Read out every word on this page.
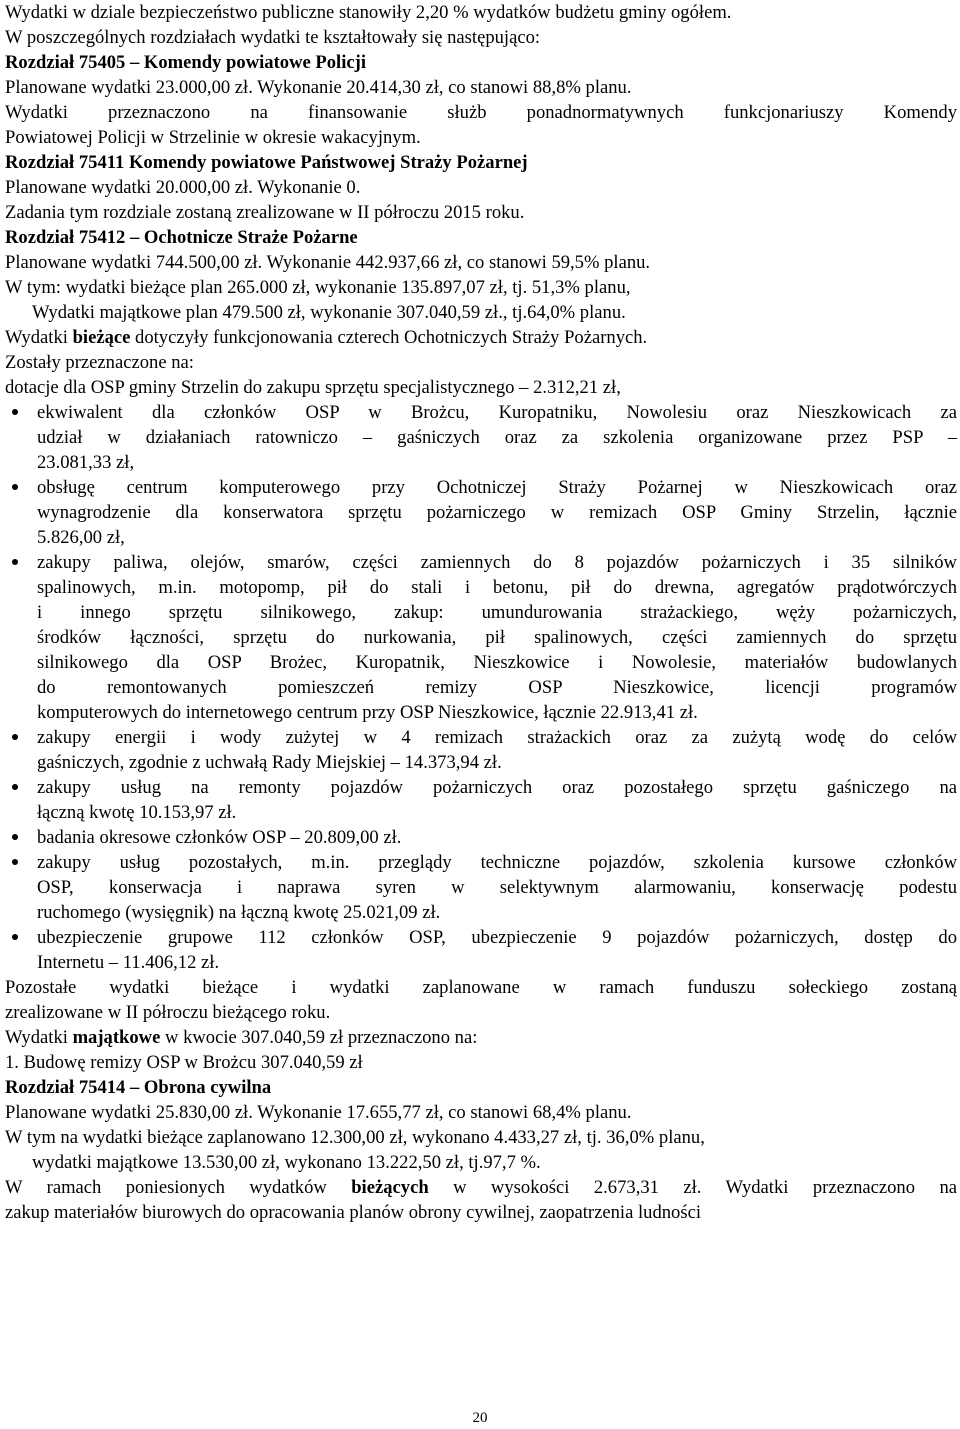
Wydatki w dziale bezpieczeństwo publiczne stanowiły 2,20 % wydatków budżetu gminy ogółem.
W poszczególnych rozdziałach wydatki te kształtowały się następująco:
Rozdział 75405 – Komendy powiatowe Policji
Planowane wydatki 23.000,00 zł. Wykonanie 20.414,30 zł, co stanowi 88,8% planu.
Wydatki przeznaczono na finansowanie służb ponadnormatywnych funkcjonariuszy Komendy
Powiatowej Policji w Strzelinie w okresie wakacyjnym.
Rozdział 75411 Komendy powiatowe Państwowej Straży Pożarnej
Planowane wydatki 20.000,00 zł. Wykonanie 0.
Zadania tym rozdziale zostaną zrealizowane w II półroczu 2015 roku.
Rozdział 75412 – Ochotnicze Straże Pożarne
Planowane wydatki 744.500,00 zł. Wykonanie 442.937,66 zł, co stanowi 59,5% planu.
W tym: wydatki bieżące plan 265.000 zł, wykonanie 135.897,07 zł, tj. 51,3% planu,
Wydatki majątkowe plan 479.500 zł, wykonanie 307.040,59 zł., tj.64,0% planu.
Wydatki bieżące dotyczyły funkcjonowania czterech Ochotniczych Straży Pożarnych.
Zostały przeznaczone na:
dotacje dla OSP gminy Strzelin do zakupu sprzętu specjalistycznego – 2.312,21 zł,
ekwiwalent dla członków OSP w Brożcu, Kuropatniku, Nowolesiu oraz Nieszkowicach za
udział w działaniach ratowniczo – gaśniczych oraz za szkolenia organizowane przez PSP –
23.081,33 zł,
obsługę centrum komputerowego przy Ochotniczej Straży Pożarnej w Nieszkowicach oraz
wynagrodzenie dla konserwatora sprzętu pożarniczego w remizach OSP Gminy Strzelin, łącznie
5.826,00 zł,
zakupy paliwa, olejów, smarów, części zamiennych do 8 pojazdów pożarniczych i 35 silników
spalinowych, m.in. motopomp, pił do stali i betonu, pił do drewna, agregatów prądotwórczych
i innego sprzętu silnikowego, zakup: umundurowania strażackiego, węży pożarniczych,
środków łączności, sprzętu do nurkowania, pił spalinowych, części zamiennych do sprzętu
silnikowego dla OSP Brożec, Kuropatnik, Nieszkowice i Nowolesie, materiałów budowlanych
do remontowanych pomieszczeń remizy OSP Nieszkowice, licencji programów
komputerowych do internetowego centrum przy OSP Nieszkowice, łącznie 22.913,41 zł.
zakupy energii i wody zużytej w 4 remizach strażackich oraz za zużytą wodę do celów
gaśniczych, zgodnie z uchwałą Rady Miejskiej – 14.373,94 zł.
zakupy usług na remonty pojazdów pożarniczych oraz pozostałego sprzętu gaśniczego na
łączną kwotę 10.153,97 zł.
badania okresowe członków OSP – 20.809,00 zł.
zakupy usług pozostałych, m.in. przeglądy techniczne pojazdów, szkolenia kursowe członków
OSP, konserwacja i naprawa syren w selektywnym alarmowaniu, konserwację podestu
ruchomego (wysięgnik) na łączną kwotę 25.021,09 zł.
ubezpieczenie grupowe 112 członków OSP, ubezpieczenie 9 pojazdów pożarniczych, dostęp do
Internetu – 11.406,12 zł.
Pozostałe wydatki bieżące i wydatki zaplanowane w ramach funduszu sołeckiego zostaną
zrealizowane w II półroczu bieżącego roku.
Wydatki majątkowe w kwocie 307.040,59 zł przeznaczono na:
1. Budowę remizy OSP w Brożcu 307.040,59 zł
Rozdział 75414 – Obrona cywilna
Planowane wydatki 25.830,00 zł. Wykonanie 17.655,77 zł, co stanowi 68,4% planu.
W tym na wydatki bieżące zaplanowano 12.300,00 zł, wykonano 4.433,27 zł, tj. 36,0% planu,
wydatki majątkowe 13.530,00 zł, wykonano 13.222,50 zł, tj.97,7 %.
W ramach poniesionych wydatków bieżących w wysokości 2.673,31 zł. Wydatki przeznaczono na
zakup materiałów biurowych do opracowania planów obrony cywilnej, zaopatrzenia ludności
20
